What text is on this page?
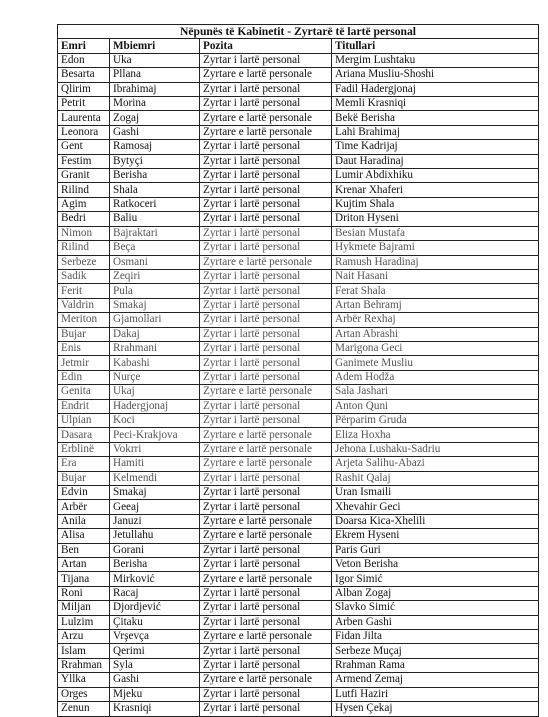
Nëpunës të Kabinetit - Zyrtarë të lartë personal			
Emri	Mbiemri	Pozita	Titullari
Edon	Uka	Zyrtar i lartë personal	Mergim Lushtaku
Besarta	Pllana	Zyrtare e lartë personale	Ariana Musliu-Shoshi
Qlirim	Ibrahimaj	Zyrtar i lartë personal	Fadil Hadergjonaj
Petrit	Morina	Zyrtar i lartë personal	Memli Krasniqi
Laurenta	Zogaj	Zyrtare e lartë personale	Bekë Berisha
Leonora	Gashi	Zyrtare e lartë personale	Lahi Brahimaj
Gent	Ramosaj	Zyrtar i lartë personal	Time Kadrijaj
Festim	Bytyçi	Zyrtar i lartë personal	Daut Haradinaj
Granit	Berisha	Zyrtar i lartë personal	Lumir Abdixhiku
Rilind	Shala	Zyrtar i lartë personal	Krenar Xhaferi
Agim	Ratkoceri	Zyrtar i lartë personal	Kujtim Shala
Bedri	Baliu	Zyrtar i lartë personal	Driton Hyseni
Nimon	Bajraktari	Zyrtar i lartë personal	Besian Mustafa
Rilind	Beça	Zyrtar i lartë personal	Hykmete Bajrami
Serbeze	Osmani	Zyrtare e lartë personale	Ramush Haradinaj
Sadik	Zeqiri	Zyrtar i lartë personal	Nait Hasani
Ferit	Pula	Zyrtar i lartë personal	Ferat Shala
Valdrin	Smakaj	Zyrtar i lartë personal	Artan Behramj
Meriton	Gjamollari	Zyrtar i lartë personal	Arbër Rexhaj
Bujar	Dakaj	Zyrtar i lartë personal	Artan Abrashi
Enis	Rrahmani	Zyrtar i lartë personal	Marigona Geci
Jetmir	Kabashi	Zyrtar i lartë personal	Ganimete Musliu
Edin	Nurçe	Zyrtar i lartë personal	Adem Hodža
Genita	Ukaj	Zyrtare e lartë personale	Sala Jashari
Endrit	Hadergjonaj	Zyrtar i lartë personal	Anton Quni
Ulpian	Koci	Zyrtar i lartë personal	Përparim Gruda
Dasara	Peci-Krakjova	Zyrtare e lartë personale	Eliza Hoxha
Erblinë	Vokrri	Zyrtare e lartë personale	Jehona Lushaku-Sadriu
Era	Hamiti	Zyrtare e lartë personale	Arjeta Salihu-Abazi
Bujar	Kelmendi	Zyrtar i lartë personal	Rashit Qalaj
Edvin	Smakaj	Zyrtar i lartë personal	Uran Ismaili
Arbër	Geeaj	Zyrtar i lartë personal	Xhevahir Geci
Anila	Januzi	Zyrtare e lartë personale	Doarsa Kica-Xhelili
Alisa	Jetullahu	Zyrtare e lartë personale	Ekrem Hyseni
Ben	Gorani	Zyrtar i lartë personal	Paris Guri
Artan	Berisha	Zyrtar i lartë personal	Veton Berisha
Tijana	Mirković	Zyrtare e lartë personale	Igor Simić
Roni	Racaj	Zyrtar i lartë personal	Alban Zogaj
Miljan	Djordjević	Zyrtar i lartë personal	Slavko Simić
Lulzim	Çitaku	Zyrtar i lartë personal	Arben Gashi
Arzu	Vrşevça	Zyrtare e lartë personale	Fidan Jilta
Islam	Qerimi	Zyrtar i lartë personal	Serbeze Muçaj
Rrahman	Syla	Zyrtar i lartë personal	Rrahman Rama
Yllka	Gashi	Zyrtare e lartë personale	Armend Zemaj
Orges	Mjeku	Zyrtar i lartë personal	Lutfi Haziri
Zenun	Krasniqi	Zyrtar i lartë personal	Hysen Çekaj
